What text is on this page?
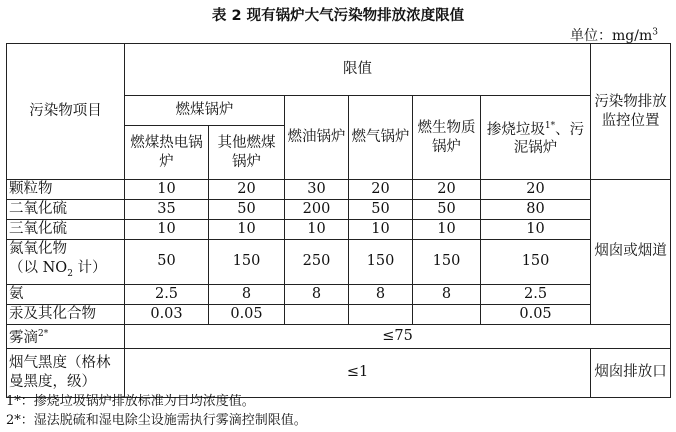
表 2 现有锅炉大气污染物排放浓度限值
单位：$mg/m^3$
污染物项目	限值						污染物排放监控位置
	燃煤锅炉		燃油锅炉	燃气锅炉	燃生物质锅炉	掺烧垃圾$^{1*}$、污泥锅炉	
	燃煤热电锅炉	其他燃煤锅炉					
颗粒物	10	20	30	20	20	20	烟囱或烟道
二氧化硫	35	50	200	50	50	80	
三氧化硫	10	10	10	10	10	10	
氮氧化物
（以 $NO_2$ 计）	50	150	250	150	150	150	
氨	2.5	8	8	8	8	2.5	
汞及其化合物	0.03	0.05				0.05	
雾滴$^{2*}$	≤75						
烟气黑度（格林曼黑度，级）	≤1						烟囱排放口
1*：掺烧垃圾锅炉排放标准为日均浓度值。
2*：湿法脱硫和湿电除尘设施需执行雾滴控制限值。
